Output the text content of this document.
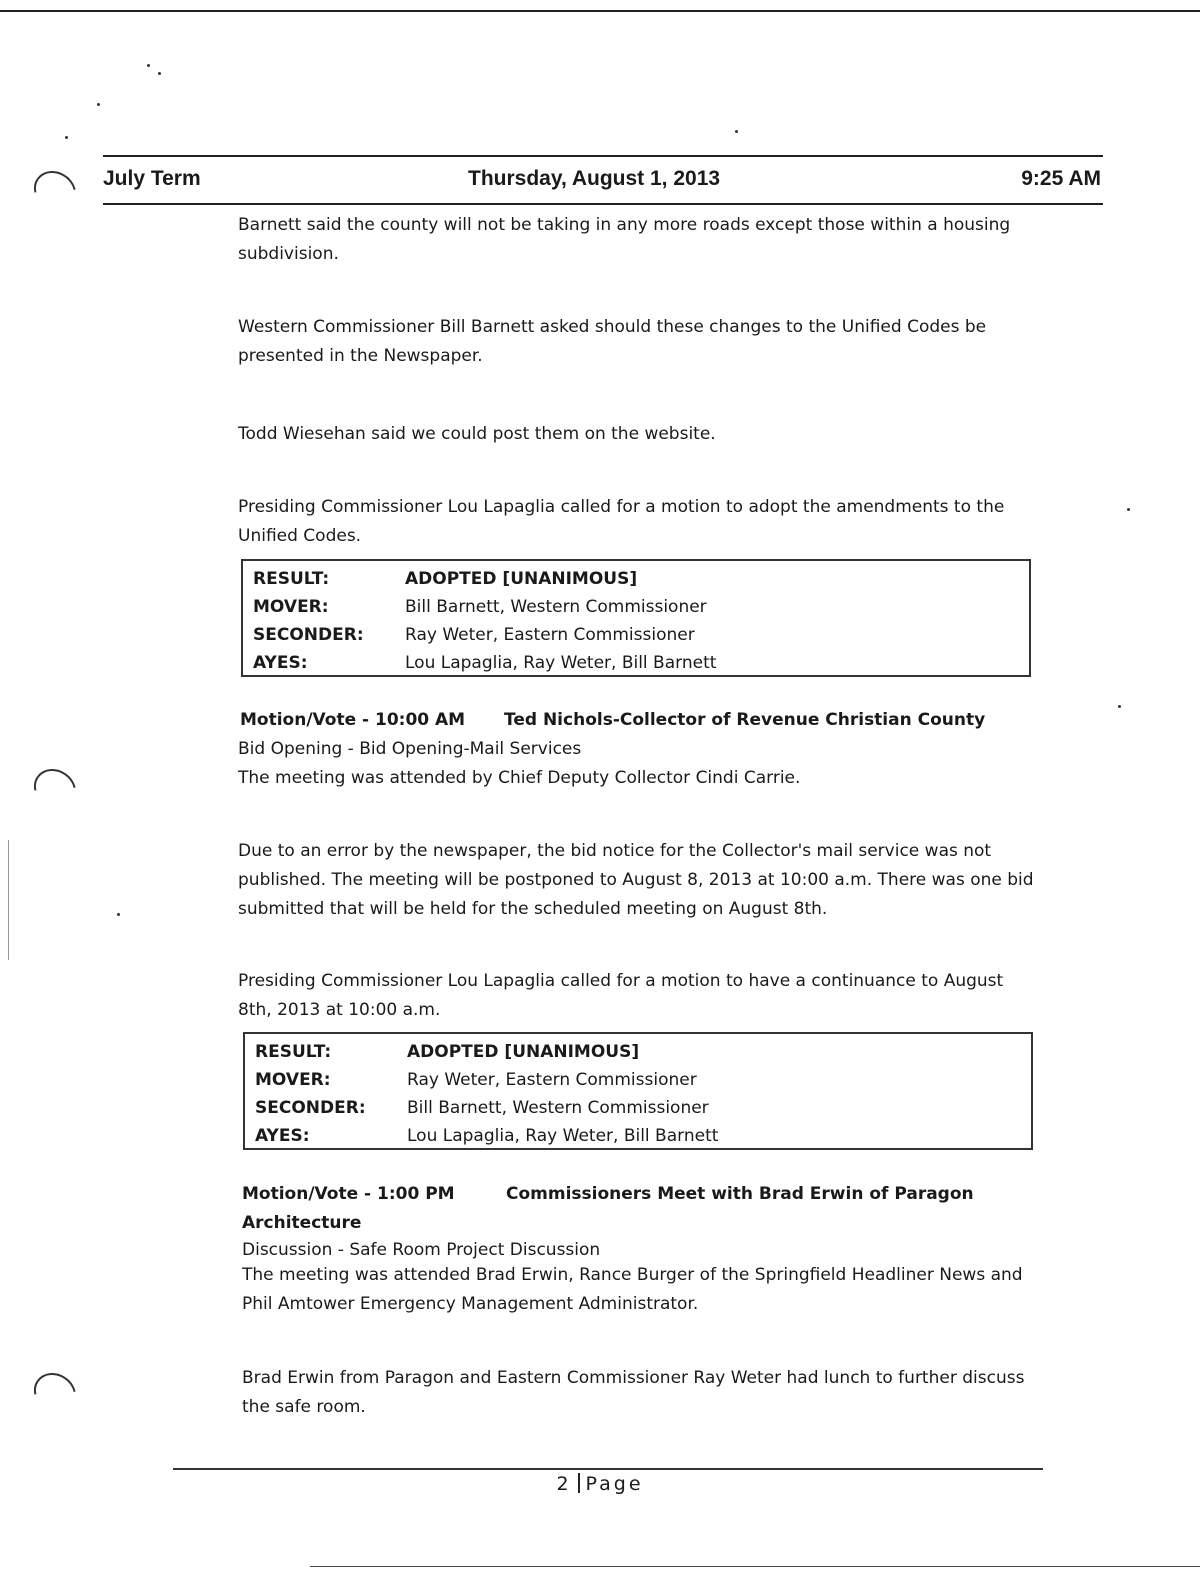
July Term	Thursday, August 1, 2013	9:25 AM

Barnett said the county will not be taking in any more roads except those within a housing subdivision.

Western Commissioner Bill Barnett asked should these changes to the Unified Codes be presented in the Newspaper.

Todd Wiesehan said we could post them on the website.

Presiding Commissioner Lou Lapaglia called for a motion to adopt the amendments to the Unified Codes.

RESULT:	ADOPTED [UNANIMOUS]
MOVER:	Bill Barnett, Western Commissioner
SECONDER: Ray Weter, Eastern Commissioner
AYES:	Lou Lapaglia, Ray Weter, Bill Barnett
Motion/Vote - 10:00 AM Ted Nichols-Collector of Revenue Christian County

Bid Opening - Bid Opening-Mail Services

The meeting was attended by Chief Deputy Collector Cindi Carrie.

Due to an error by the newspaper, the bid notice for the Collector's mail service was not published. The meeting will be postponed to August 8, 2013 at 10:00 a.m. There was one bid submitted that will be held for the scheduled meeting on August 8th.

Presiding Commissioner Lou Lapaglia called for a motion to have a continuance to August 8th, 2013 at 10:00 a.m.

RESULT:	ADOPTED [UNANIMOUS]
MOVER:	Ray Weter, Eastern Commissioner
SECONDER: Bill Barnett, Western Commissioner
AYES:	Lou Lapaglia, Ray Weter, Bill Barnett
Motion/Vote - 1:00 PM	Commissioners Meet with Brad Erwin of Paragon
Architecture

Discussion - Safe Room Project Discussion

The meeting was attended Brad Erwin, Rance Burger of the Springfield Headliner News and Phil Amtower Emergency Management Administrator.

Brad Erwin from Paragon and Eastern Commissioner Ray Weter had lunch to further discuss the safe room.

2 Page
